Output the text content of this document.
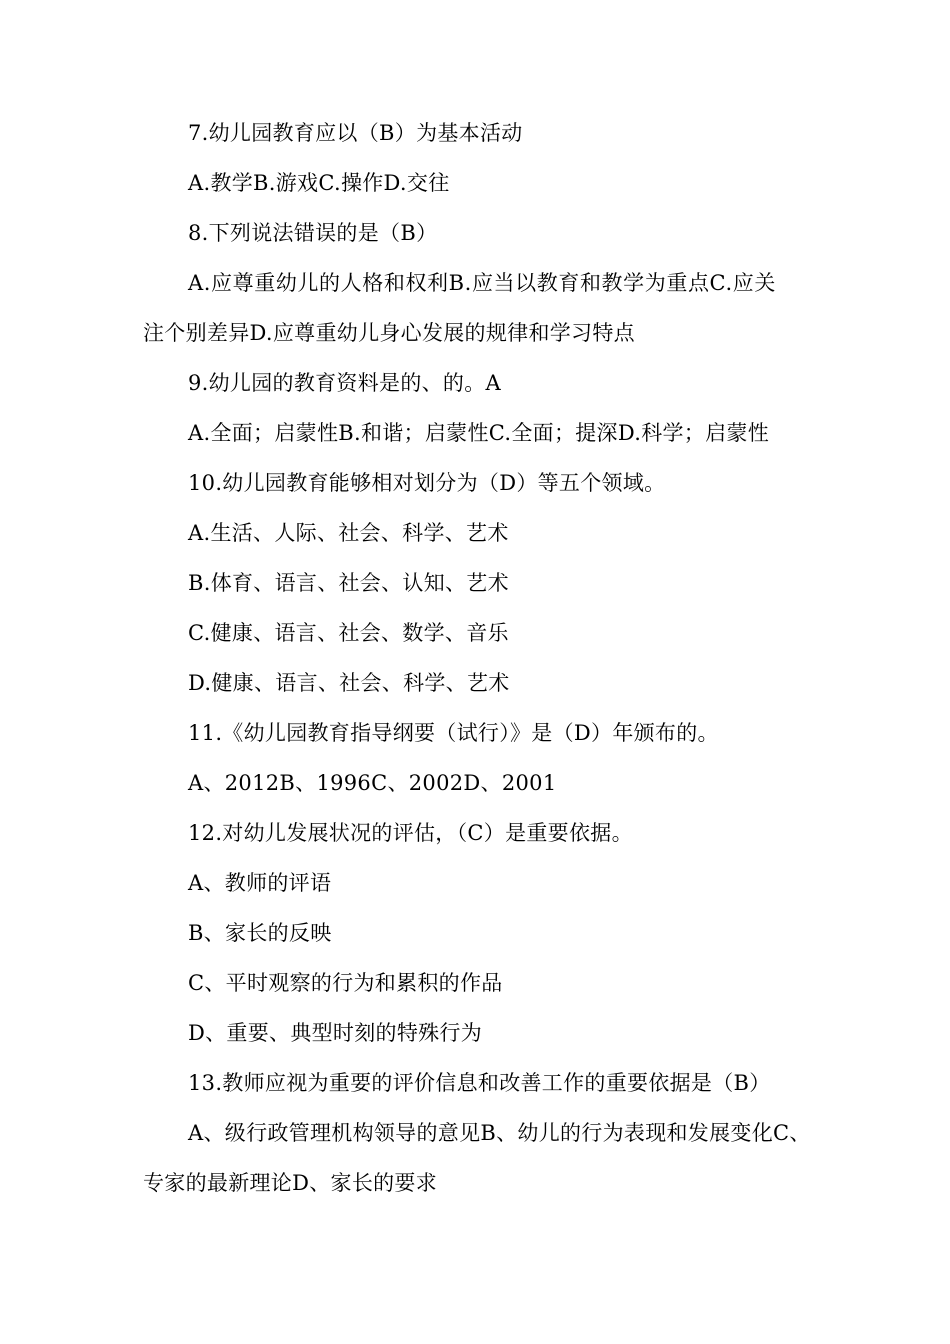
7.幼儿园教育应以（B）为基本活动
A.教学B.游戏C.操作D.交往
8.下列说法错误的是（B）
A.应尊重幼儿的人格和权利B.应当以教育和教学为重点C.应关
注个别差异D.应尊重幼儿身心发展的规律和学习特点
9.幼儿园的教育资料是的、的。A
A.全面；启蒙性B.和谐；启蒙性C.全面；提深D.科学；启蒙性
10.幼儿园教育能够相对划分为（D）等五个领域。
A.生活、人际、社会、科学、艺术
B.体育、语言、社会、认知、艺术
C.健康、语言、社会、数学、音乐
D.健康、语言、社会、科学、艺术
11.《幼儿园教育指导纲要（试行）》是（D）年颁布的。
A、2012B、1996C、2002D、2001
12.对幼儿发展状况的评估，（C）是重要依据。
A、教师的评语
B、家长的反映
C、平时观察的行为和累积的作品
D、重要、典型时刻的特殊行为
13.教师应视为重要的评价信息和改善工作的重要依据是（B）
A、级行政管理机构领导的意见B、幼儿的行为表现和发展变化C、
专家的最新理论D、家长的要求
